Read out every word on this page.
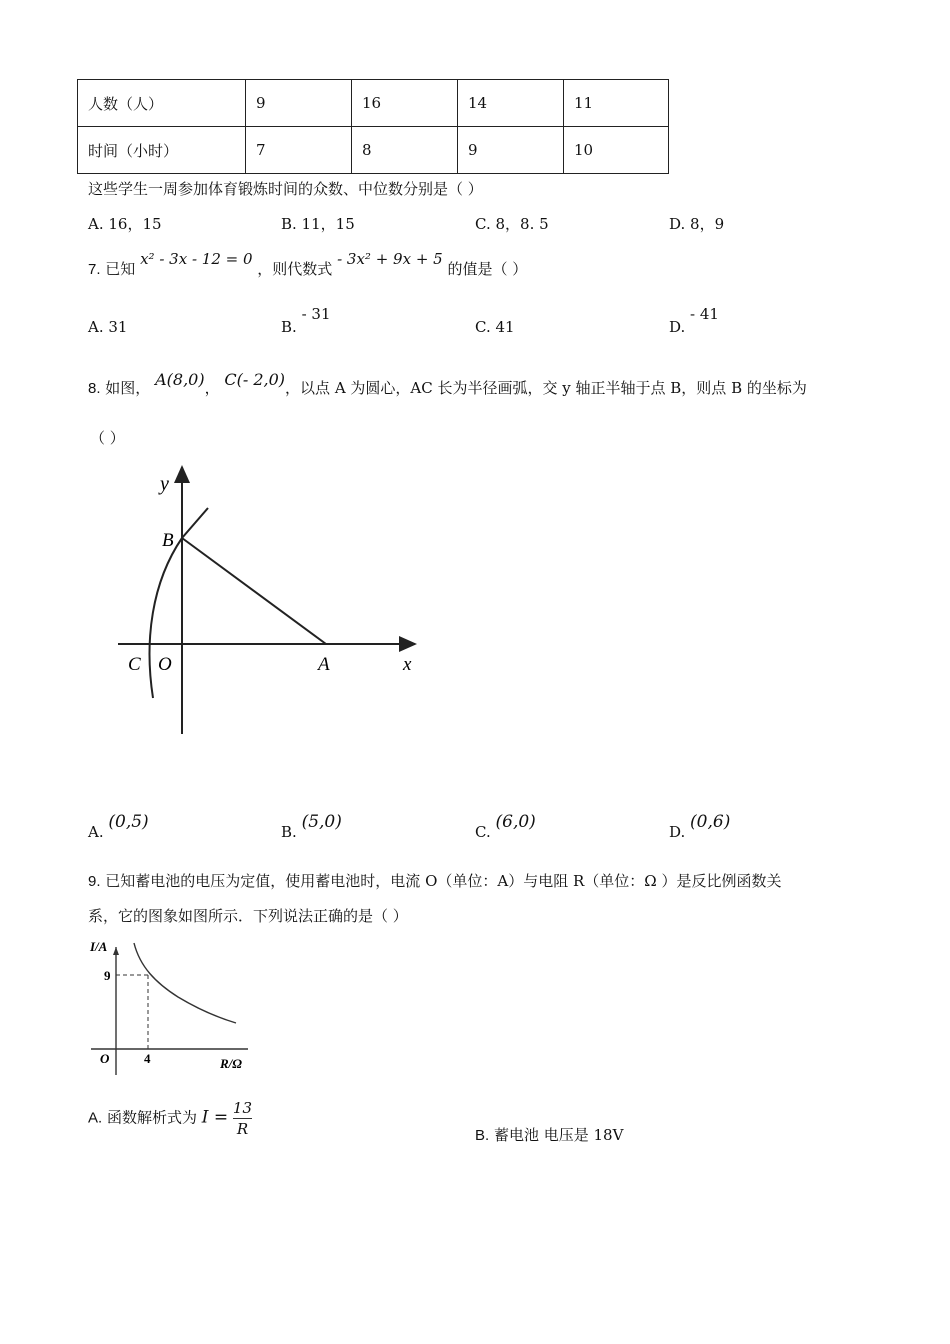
人数（人）	9	16	14	11
时间（小时）	7	8	9	10
这些学生一周参加体育锻炼时间的众数、中位数分别是（ ）
A. 16，15	B. 11，15	C. 8，8. 5	D. 8，9
7. 已知 x² - 3x - 12 = 0 ，则代数式 - 3x² + 9x + 5 的值是（ ）
A. 31	B. - 31
C. 41	D. - 41
8. 如图， A(8,0)， C(- 2,0)，以点 A 为圆心，AC 长为半径画弧，交 y 轴正半轴于点 B，则点 B 的坐标为
（ ）
y
B
C O	A	x
A. (0,5)	B. (5,0)	C. (6,0)	D. (0,6)
9. 已知蓄电池的电压为定值，使用蓄电池时，电流 O（单位：A）与电阻 R（单位：Ω ）是反比例函数关
系，它的图象如图所示．下列说法正确的是（ ）
I/A
9
O	4	R/Ω
A. 函数解析式为 $I = \frac{13}{R}$	B. 蓄电池 电压是 18V
